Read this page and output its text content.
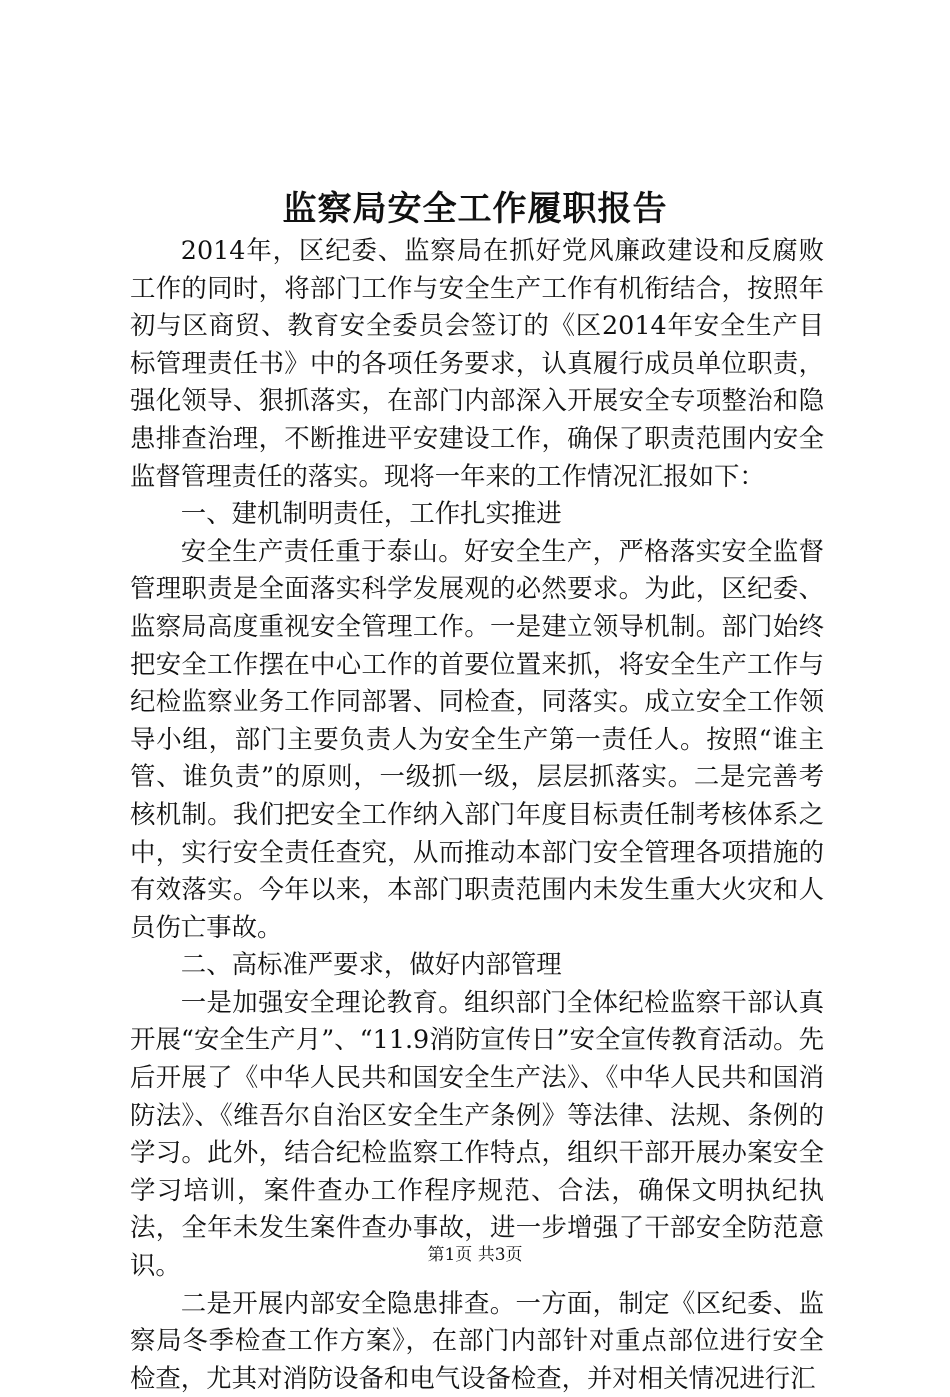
监察局安全工作履职报告

2014年，区纪委、监察局在抓好党风廉政建设和反腐败工作的同时，将部门工作与安全生产工作有机衔结合，按照年初与区商贸、教育安全委员会签订的《区2014年安全生产目标管理责任书》中的各项任务要求，认真履行成员单位职责，强化领导、狠抓落实，在部门内部深入开展安全专项整治和隐患排查治理，不断推进平安建设工作，确保了职责范围内安全监督管理责任的落实。现将一年来的工作情况汇报如下：

一、建机制明责任，工作扎实推进

安全生产责任重于泰山。好安全生产，严格落实安全监督管理职责是全面落实科学发展观的必然要求。为此，区纪委、监察局高度重视安全管理工作。一是建立领导机制。部门始终把安全工作摆在中心工作的首要位置来抓，将安全生产工作与纪检监察业务工作同部署、同检查，同落实。成立安全工作领导小组，部门主要负责人为安全生产第一责任人。按照“谁主管、谁负责”的原则，一级抓一级，层层抓落实。二是完善考核机制。我们把安全工作纳入部门年度目标责任制考核体系之中，实行安全责任查究，从而推动本部门安全管理各项措施的有效落实。今年以来，本部门职责范围内未发生重大火灾和人员伤亡事故。

二、高标准严要求，做好内部管理

一是加强安全理论教育。组织部门全体纪检监察干部认真开展“安全生产月”、“11.9消防宣传日”安全宣传教育活动。先后开展了《中华人民共和国安全生产法》、《中华人民共和国消防法》、《维吾尔自治区安全生产条例》等法律、法规、条例的学习。此外，结合纪检监察工作特点，组织干部开展办案安全学习培训，案件查办工作程序规范、合法，确保文明执纪执法，全年未发生案件查办事故，进一步增强了干部安全防范意识。

二是开展内部安全隐患排查。一方面，制定《区纪委、监察局冬季检查工作方案》，在部门内部针对重点部位进行安全检查，尤其对消防设备和电气设备检查，并对相关情况进行汇

第1页 共3页
